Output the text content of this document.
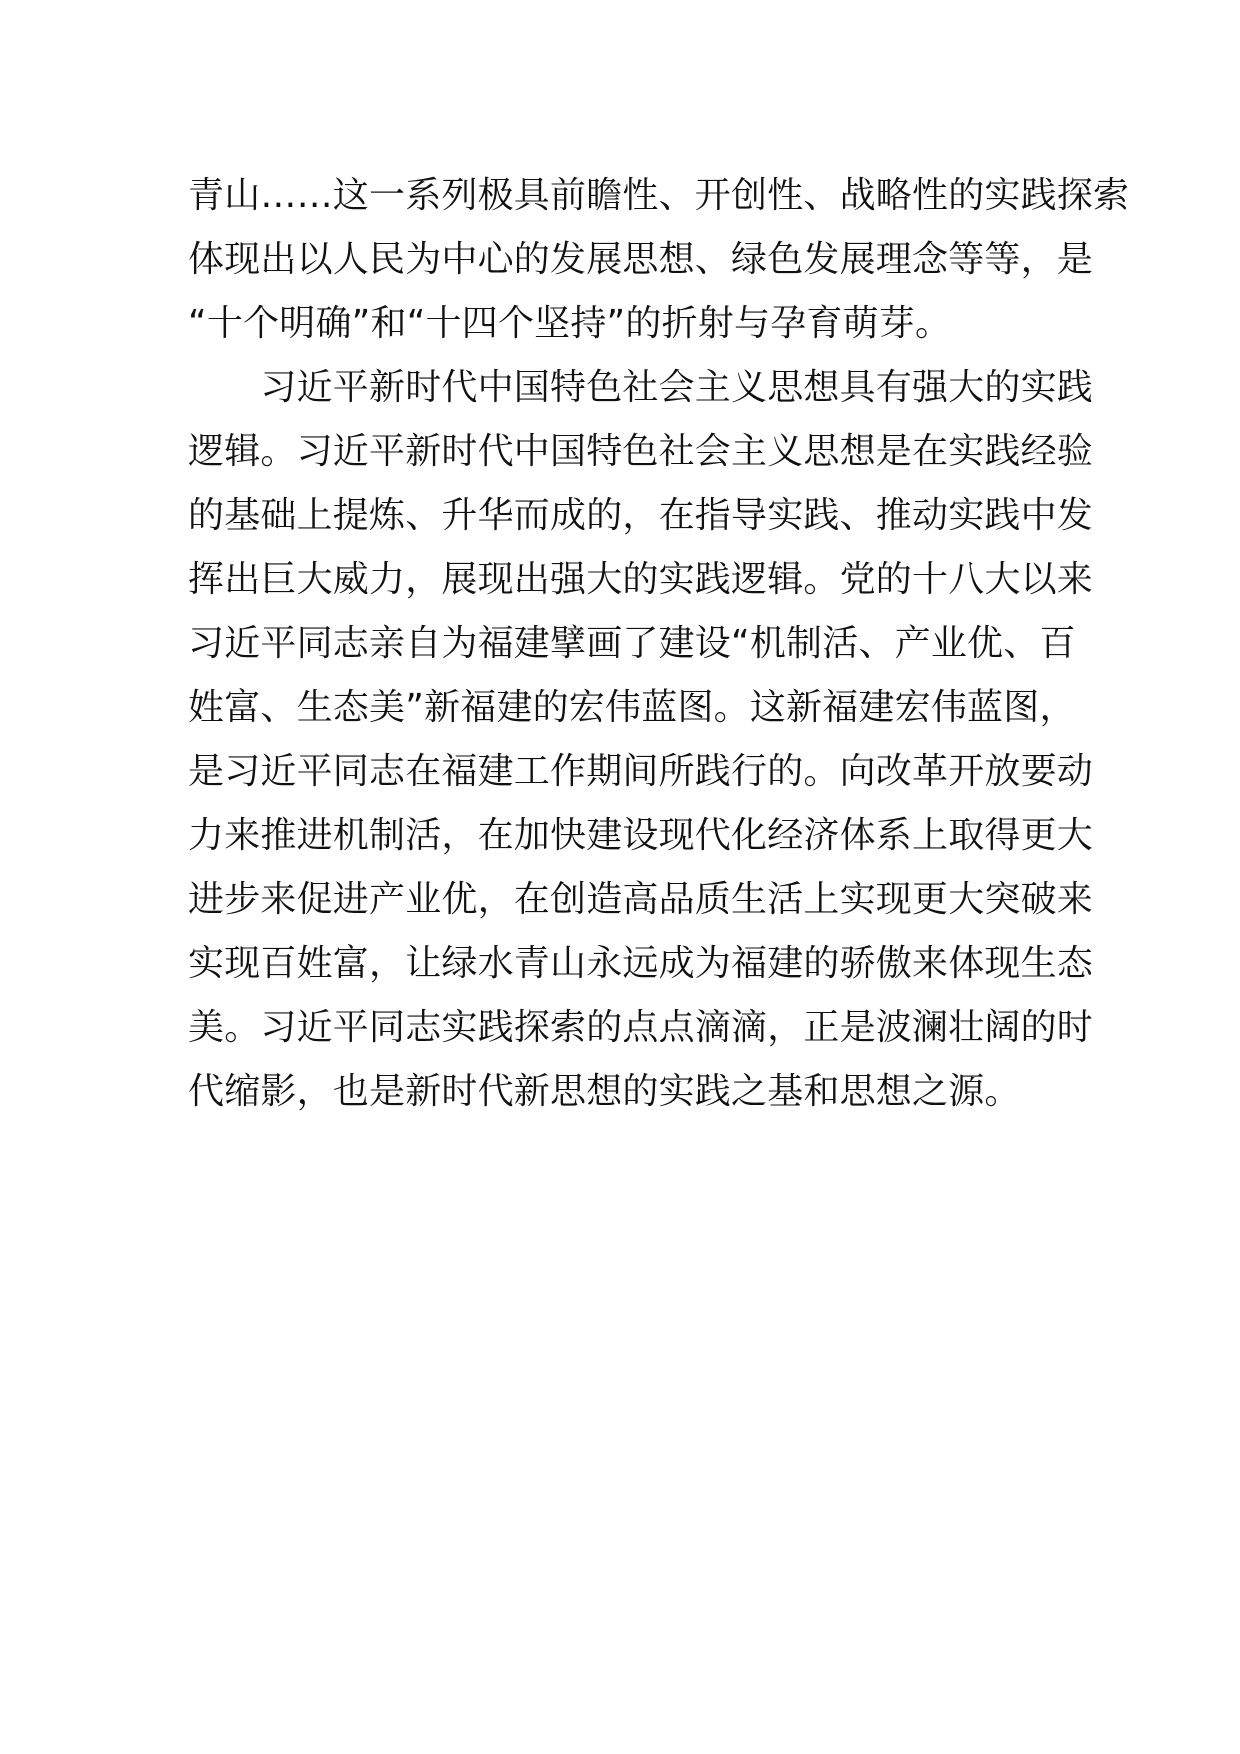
青山……这一系列极具前瞻性、开创性、战略性的实践探索
体现出以人民为中心的发展思想、绿色发展理念等等，是
“十个明确”和“十四个坚持”的折射与孕育萌芽。
　　习近平新时代中国特色社会主义思想具有强大的实践
逻辑。习近平新时代中国特色社会主义思想是在实践经验
的基础上提炼、升华而成的，在指导实践、推动实践中发
挥出巨大威力，展现出强大的实践逻辑。党的十八大以来
习近平同志亲自为福建擘画了建设“机制活、产业优、百
姓富、生态美”新福建的宏伟蓝图。这新福建宏伟蓝图，
是习近平同志在福建工作期间所践行的。向改革开放要动
力来推进机制活，在加快建设现代化经济体系上取得更大
进步来促进产业优，在创造高品质生活上实现更大突破来
实现百姓富，让绿水青山永远成为福建的骄傲来体现生态
美。习近平同志实践探索的点点滴滴，正是波澜壮阔的时
代缩影，也是新时代新思想的实践之基和思想之源。
